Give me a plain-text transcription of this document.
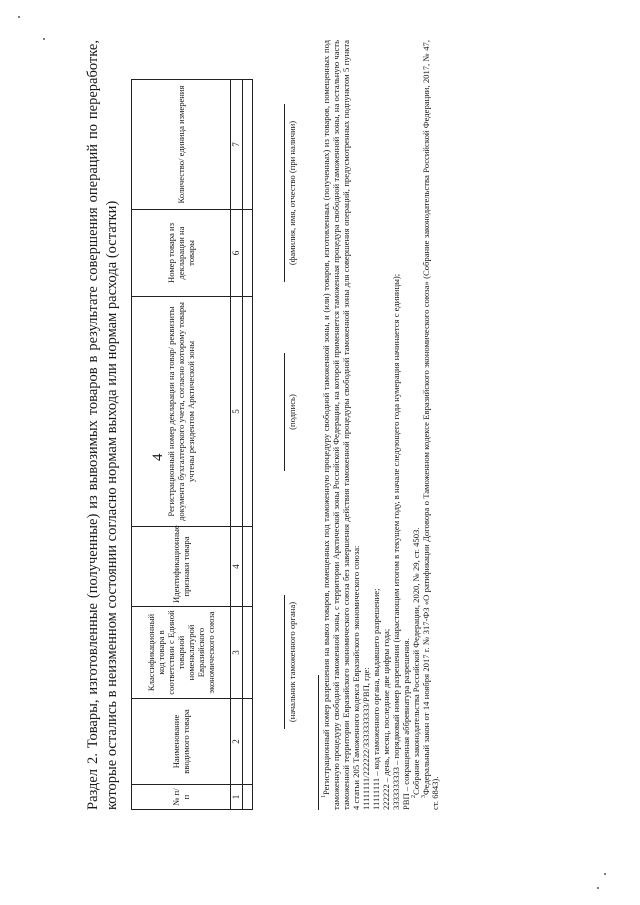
4
Раздел 2. Товары, изготовленные (полученные) из вывозимых товаров в результате совершения операций по переработке, которые остались в неизменном состоянии согласно нормам выхода или нормам расхода (остатки)	№ п/п	Наименование вводимого товара	Классификационный код товара в соответствии с Единой товарной номенклатурой Евразийского экономического союза	Идентификационные признаки товара	Регистрационный номер декларации на товар/ реквизиты документа бухгалтерского учета, согласно которому товары учтены резидентом Арктической зоны	Номер товара из декларации на товары	Количество/ единица измерения
1	2	3	4	5	6	7

(начальник таможенного органа)
(подпись)
(фамилия, имя, отчество (при наличии)

$^1$Регистрационный номер разрешения на вывоз товаров, помещенных под таможенную процедуру свободной таможенной зоны, и (или) товаров, изготовленных (полученных) из товаров, помещенных под таможенную процедуру свободной таможенной зоны, с территории Арктической зоны Российской Федерации, на которой применяется таможенная процедура свободной таможенной зоны, на остальную часть таможенной территории Евразийского экономического союза без завершения действия таможенной процедуры свободной таможенной зоны для совершения операций, предусмотренных подпунктом 5 пункта 4 статьи 205 Таможенного кодекса Евразийского экономического союза: 11111111/222222/3333333333/РВП, где: 11111111 – код таможенного органа, выдавшего разрешение; 222222 – день, месяц, последние две цифры года; 3333333333 – порядковый номер разрешения (нарастающим итогом в текущем году, в начале следующего года нумерация начинается с единицы); РВП – сокращенная аббревиатура разрешения. $^2$Собрание законодательства Российской Федерации, 2020, № 29, ст. 4503.

$^3$Федеральный закон от 14 ноября 2017 г. № 317-ФЗ «О ратификации Договора о Таможенном кодексе Евразийского экономического союза» (Собрание законодательства Российской Федерации, 2017, № 47, ст. 6843).
